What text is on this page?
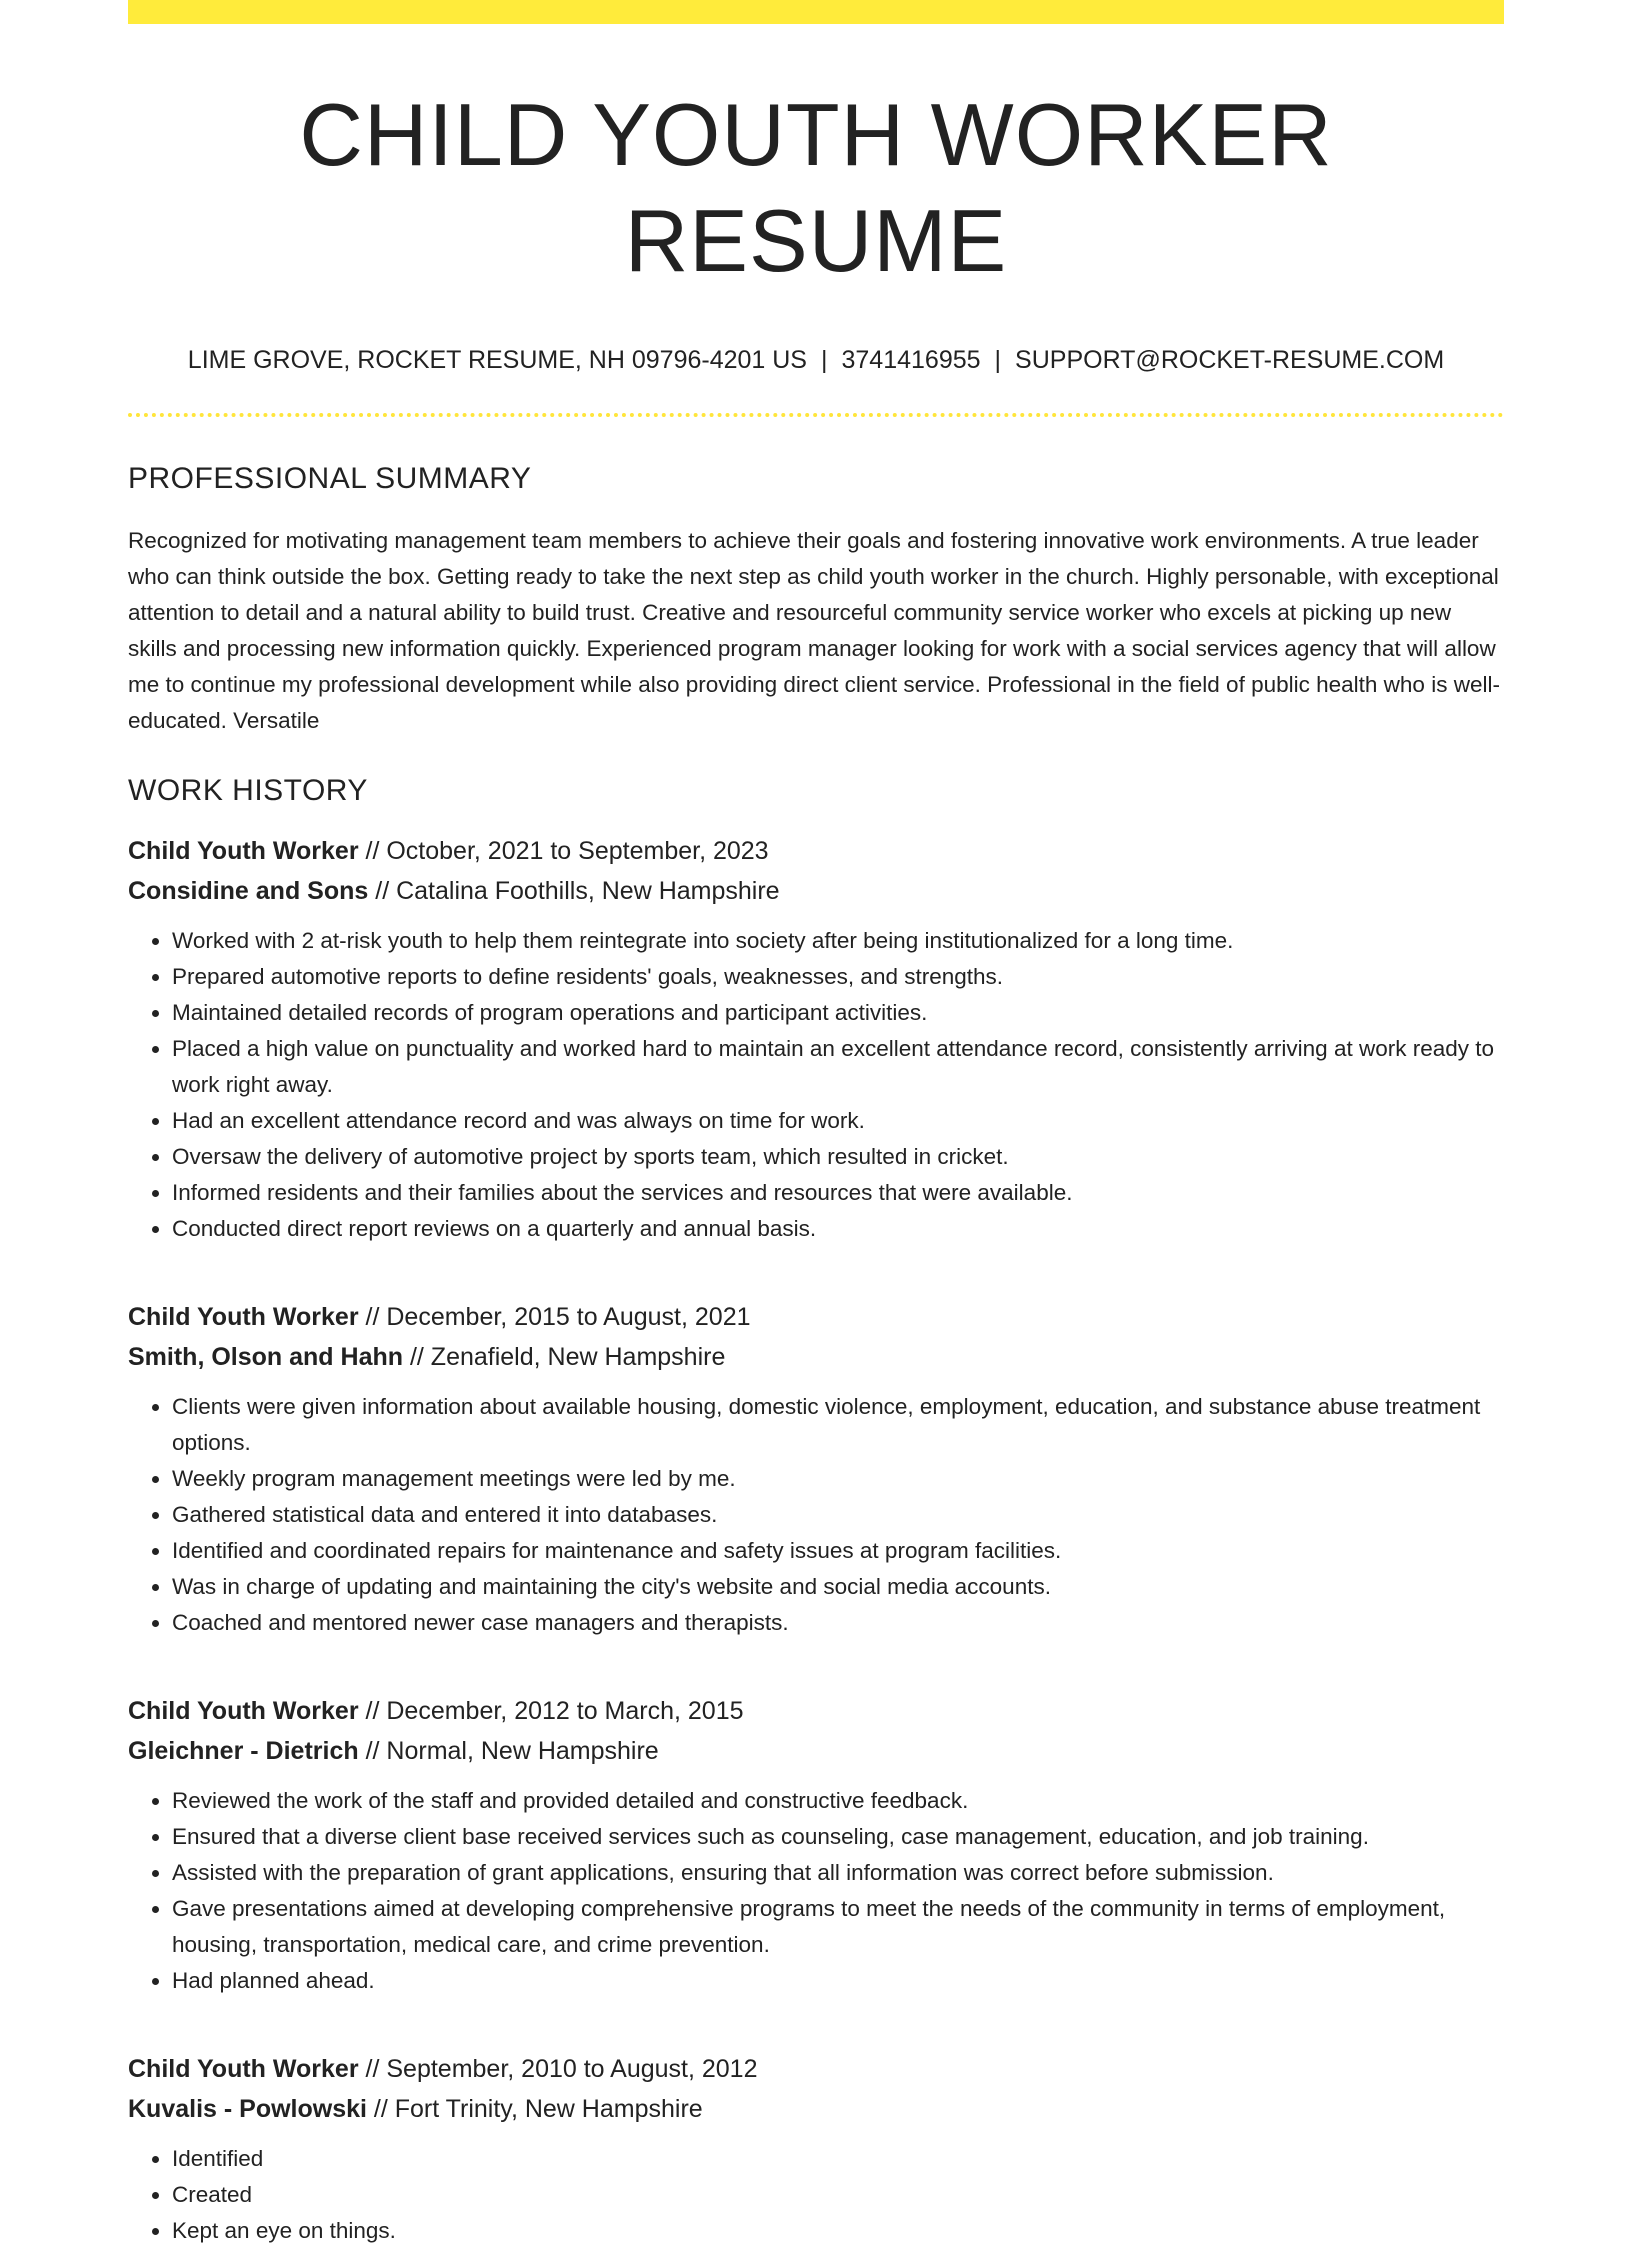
CHILD YOUTH WORKER RESUME
LIME GROVE, ROCKET RESUME, NH 09796-4201 US | 3741416955 | SUPPORT@ROCKET-RESUME.COM
PROFESSIONAL SUMMARY

Recognized for motivating management team members to achieve their goals and fostering innovative work environments. A true leader who can think outside the box. Getting ready to take the next step as child youth worker in the church. Highly personable, with exceptional attention to detail and a natural ability to build trust. Creative and resourceful community service worker who excels at picking up new skills and processing new information quickly. Experienced program manager looking for work with a social services agency that will allow me to continue my professional development while also providing direct client service. Professional in the field of public health who is well-educated. Versatile

WORK HISTORY
Child Youth Worker // October, 2021 to September, 2023
Considine and Sons // Catalina Foothills, New Hampshire
• Worked with 2 at-risk youth to help them reintegrate into society after being institutionalized for a long time.
• Prepared automotive reports to define residents' goals, weaknesses, and strengths.
• Maintained detailed records of program operations and participant activities.
• Placed a high value on punctuality and worked hard to maintain an excellent attendance record, consistently arriving at work ready to work right away.
• Had an excellent attendance record and was always on time for work.
• Oversaw the delivery of automotive project by sports team, which resulted in cricket.
• Informed residents and their families about the services and resources that were available.
• Conducted direct report reviews on a quarterly and annual basis.
Child Youth Worker // December, 2015 to August, 2021
Smith, Olson and Hahn // Zenafield, New Hampshire
• Clients were given information about available housing, domestic violence, employment, education, and substance abuse treatment options.
• Weekly program management meetings were led by me.
• Gathered statistical data and entered it into databases.
• Identified and coordinated repairs for maintenance and safety issues at program facilities.
• Was in charge of updating and maintaining the city's website and social media accounts.
• Coached and mentored newer case managers and therapists.
Child Youth Worker // December, 2012 to March, 2015
Gleichner - Dietrich // Normal, New Hampshire
• Reviewed the work of the staff and provided detailed and constructive feedback.
• Ensured that a diverse client base received services such as counseling, case management, education, and job training.
• Assisted with the preparation of grant applications, ensuring that all information was correct before submission.
• Gave presentations aimed at developing comprehensive programs to meet the needs of the community in terms of employment, housing, transportation, medical care, and crime prevention.
• Had planned ahead.
Child Youth Worker // September, 2010 to August, 2012
Kuvalis - Powlowski // Fort Trinity, New Hampshire
• Identified
• Created
• Kept an eye on things.
